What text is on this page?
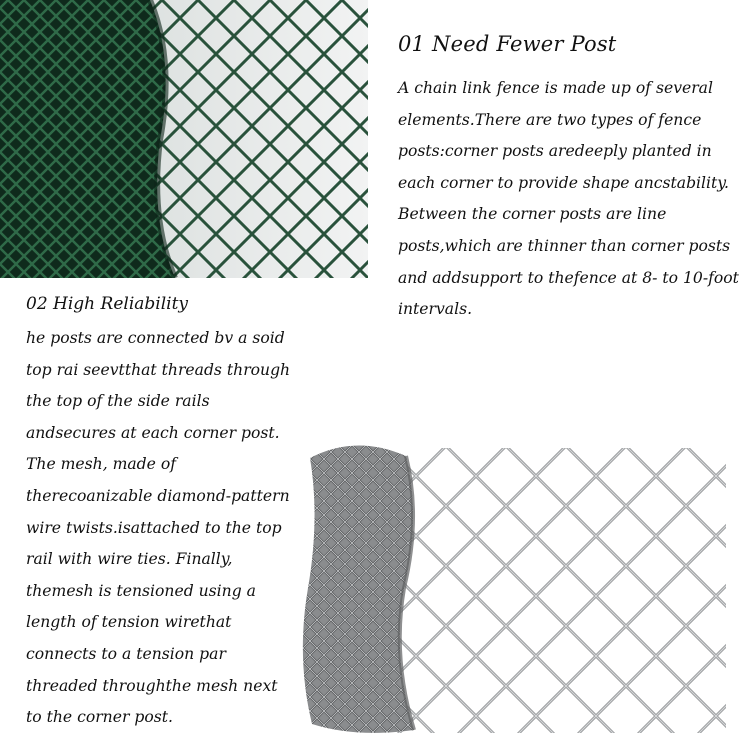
01 Need Fewer Post
A chain link fence is made up of several
elements.There are two types of fence
posts:corner posts aredeeply planted in
each corner to provide shape ancstability.
Between the corner posts are line
posts,which are thinner than corner posts
and addsupport to thefence at 8- to 10-foot
intervals.
02 High Reliability
he posts are connected bv a soid
top rai seevtthat threads through
the top of the side rails
andsecures at each corner post.
The mesh, made of
therecoanizable diamond-pattern
wire twists.isattached to the top
rail with wire ties. Finally,
themesh is tensioned using a
length of tension wirethat
connects to a tension par
threaded throughthe mesh next
to the corner post.
